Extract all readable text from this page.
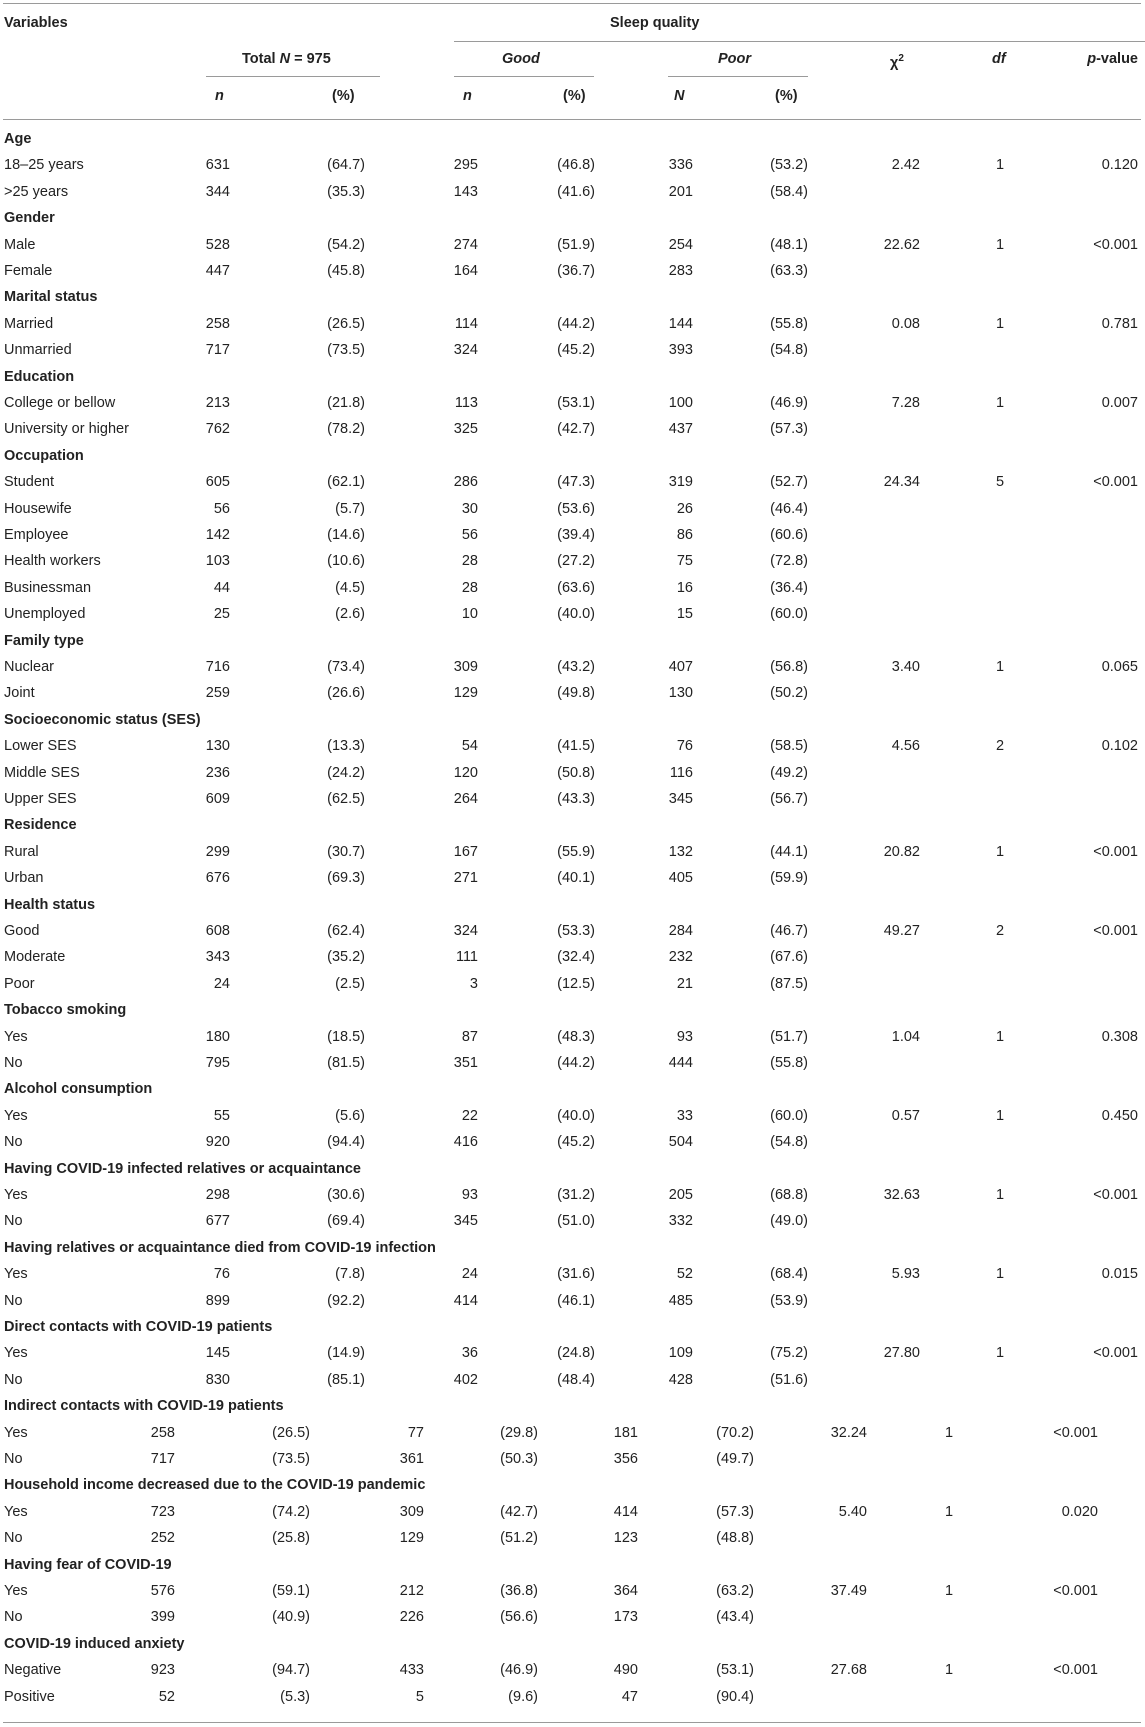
Variables	Sleep quality
Total N = 975	Good	Poor	$\chi^2$	df	p-value
n	(%)	n	(%)	N	(%)
Age
18–25 years	631	(64.7)	295	(46.8)	336	(53.2)	2.42	1	0.120
>25 years	344	(35.3)	143	(41.6)	201	(58.4)
Gender
Male	528	(54.2)	274	(51.9)	254	(48.1)	22.62	1	<0.001
Female	447	(45.8)	164	(36.7)	283	(63.3)
Marital status
Married	258	(26.5)	114	(44.2)	144	(55.8)	0.08	1	0.781
Unmarried	717	(73.5)	324	(45.2)	393	(54.8)
Education
College or bellow	213	(21.8)	113	(53.1)	100	(46.9)	7.28	1	0.007
University or higher	762	(78.2)	325	(42.7)	437	(57.3)
Occupation
Student	605	(62.1)	286	(47.3)	319	(52.7)	24.34	5	<0.001
Housewife	56	(5.7)	30	(53.6)	26	(46.4)
Employee	142	(14.6)	56	(39.4)	86	(60.6)
Health workers	103	(10.6)	28	(27.2)	75	(72.8)
Businessman	44	(4.5)	28	(63.6)	16	(36.4)
Unemployed	25	(2.6)	10	(40.0)	15	(60.0)
Family type
Nuclear	716	(73.4)	309	(43.2)	407	(56.8)	3.40	1	0.065
Joint	259	(26.6)	129	(49.8)	130	(50.2)
Socioeconomic status (SES)
Lower SES	130	(13.3)	54	(41.5)	76	(58.5)	4.56	2	0.102
Middle SES	236	(24.2)	120	(50.8)	116	(49.2)
Upper SES	609	(62.5)	264	(43.3)	345	(56.7)
Residence
Rural	299	(30.7)	167	(55.9)	132	(44.1)	20.82	1	<0.001
Urban	676	(69.3)	271	(40.1)	405	(59.9)
Health status
Good	608	(62.4)	324	(53.3)	284	(46.7)	49.27	2	<0.001
Moderate	343	(35.2)	111	(32.4)	232	(67.6)
Poor	24	(2.5)	3	(12.5)	21	(87.5)
Tobacco smoking
Yes	180	(18.5)	87	(48.3)	93	(51.7)	1.04	1	0.308
No	795	(81.5)	351	(44.2)	444	(55.8)
Alcohol consumption
Yes	55	(5.6)	22	(40.0)	33	(60.0)	0.57	1	0.450
No	920	(94.4)	416	(45.2)	504	(54.8)
Having COVID-19 infected relatives or acquaintance
Yes	298	(30.6)	93	(31.2)	205	(68.8)	32.63	1	<0.001
No	677	(69.4)	345	(51.0)	332	(49.0)
Having relatives or acquaintance died from COVID-19 infection
Yes	76	(7.8)	24	(31.6)	52	(68.4)	5.93	1	0.015
No	899	(92.2)	414	(46.1)	485	(53.9)
Direct contacts with COVID-19 patients
Yes	145	(14.9)	36	(24.8)	109	(75.2)	27.80	1	<0.001
No	830	(85.1)	402	(48.4)	428	(51.6)
Indirect contacts with COVID-19 patients
Yes	258	(26.5)	77	(29.8)	181	(70.2)	32.24	1	<0.001
No	717	(73.5)	361	(50.3)	356	(49.7)
Household income decreased due to the COVID-19 pandemic
Yes	723	(74.2)	309	(42.7)	414	(57.3)	5.40	1	0.020
No	252	(25.8)	129	(51.2)	123	(48.8)
Having fear of COVID-19
Yes	576	(59.1)	212	(36.8)	364	(63.2)	37.49	1	<0.001
No	399	(40.9)	226	(56.6)	173	(43.4)
COVID-19 induced anxiety
Negative	923	(94.7)	433	(46.9)	490	(53.1)	27.68	1	<0.001
Positive	52	(5.3)	5	(9.6)	47	(90.4)
